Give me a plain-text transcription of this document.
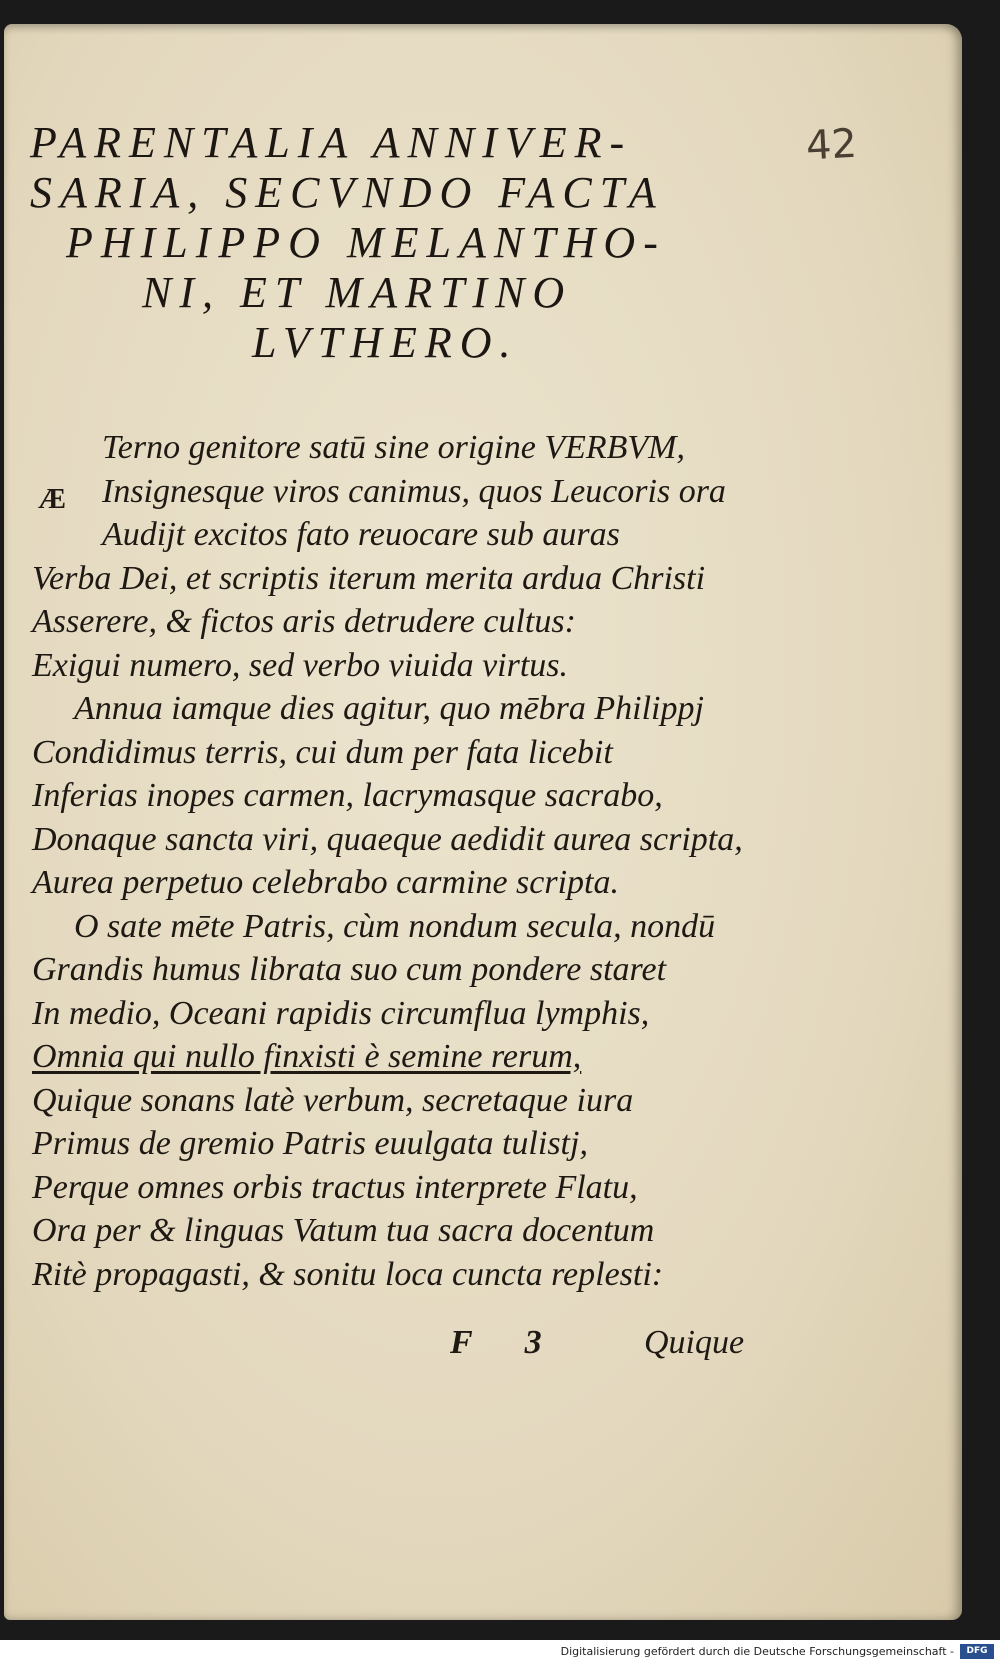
PARENTALIA ANNIVER-
SARIA, SECVNDO FACTA
PHILIPPO MELANTHO-
NI, ET MARTINO
LVTHERO.
42
Æ
Terno genitore satū sine origine VERBVM,
Insignesque viros canimus, quos Leucoris ora
Audijt excitos fato reuocare sub auras
Verba Dei, et scriptis iterum merita ardua Christi
Asserere, & fictos aris detrudere cultus:
Exigui numero, sed verbo viuida virtus.
Annua iamque dies agitur, quo mēbra Philippj
Condidimus terris, cui dum per fata licebit
Inferias inopes carmen, lacrymasque sacrabo,
Donaque sancta viri, quaeque aedidit aurea scripta,
Aurea perpetuo celebrabo carmine scripta.
O sate mēte Patris, cùm nondum secula, nondū
Grandis humus librata suo cum pondere staret
In medio, Oceani rapidis circumflua lymphis,
Omnia qui nullo finxisti è semine rerum,
Quique sonans latè verbum, secretaque iura
Primus de gremio Patris euulgata tulistj,
Perque omnes orbis tractus interprete Flatu,
Ora per & linguas Vatum tua sacra docentum
Ritè propagasti, & sonitu loca cuncta replesti:
F 3 Quique
Digitalisierung gefördert durch die Deutsche Forschungsgemeinschaft -	DFG
